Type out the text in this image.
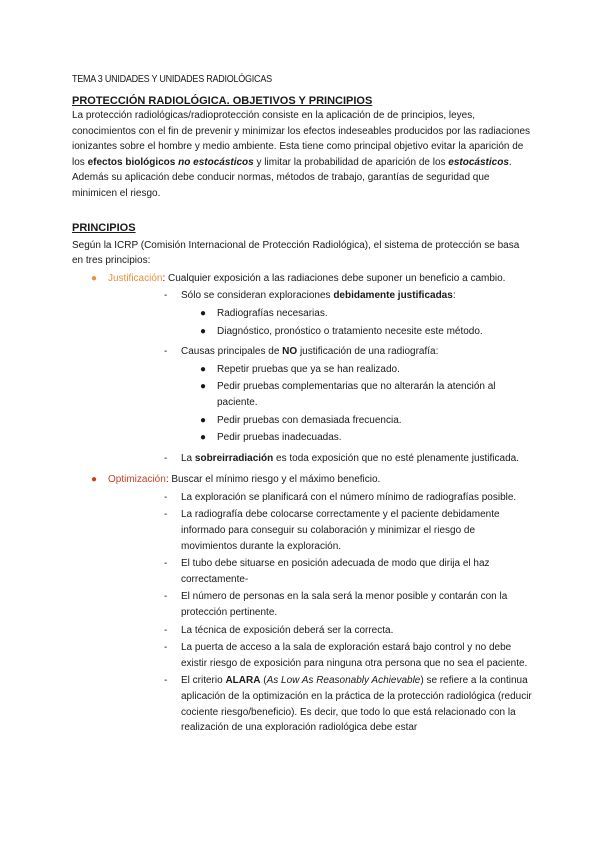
TEMA 3 UNIDADES Y UNIDADES RADIOLÓGICAS
PROTECCIÓN RADIOLÓGICA. OBJETIVOS Y PRINCIPIOS

La protección radiológicas/radioprotección consiste en la aplicación de de principios, leyes, conocimientos con el fin de prevenir y minimizar los efectos indeseables producidos por las radiaciones ionizantes sobre el hombre y medio ambiente. Esta tiene como principal objetivo evitar la aparición de los efectos biológicos no estocásticos y limitar la probabilidad de aparición de los estocásticos. Además su aplicación debe conducir normas, métodos de trabajo, garantías de seguridad que minimicen el riesgo.

PRINCIPIOS

Según la ICRP (Comisión Internacional de Protección Radiológica), el sistema de protección se basa en tres principios:

● Justificación: Cualquier exposición a las radiaciones debe suponer un beneficio a cambio.
- Sólo se consideran exploraciones debidamente justificadas:
● Radiografías necesarias.
● Diagnóstico, pronóstico o tratamiento necesite este método.
- Causas principales de NO justificación de una radiografía:
● Repetir pruebas que ya se han realizado.
● Pedir pruebas complementarias que no alterarán la atención al paciente.
● Pedir pruebas con demasiada frecuencia.
● Pedir pruebas inadecuadas.
- La sobreirradiación es toda exposición que no esté plenamente justificada.
● Optimización: Buscar el mínimo riesgo y el máximo beneficio.
- La exploración se planificará con el número mínimo de radiografías posible.
- La radiografía debe colocarse correctamente y el paciente debidamente informado para conseguir su colaboración y minimizar el riesgo de movimientos durante la exploración.
- El tubo debe situarse en posición adecuada de modo que dirija el haz correctamente-
- El número de personas en la sala será la menor posible y contarán con la protección pertinente.
- La técnica de exposición deberá ser la correcta.
- La puerta de acceso a la sala de exploración estará bajo control y no debe existir riesgo de exposición para ninguna otra persona que no sea el paciente.
- El criterio ALARA (As Low As Reasonably Achievable) se refiere a la continua aplicación de la optimización en la práctica de la protección radiológica (reducir cociente riesgo/beneficio). Es decir, que todo lo que está relacionado con la realización de una exploración radiológica debe estar
